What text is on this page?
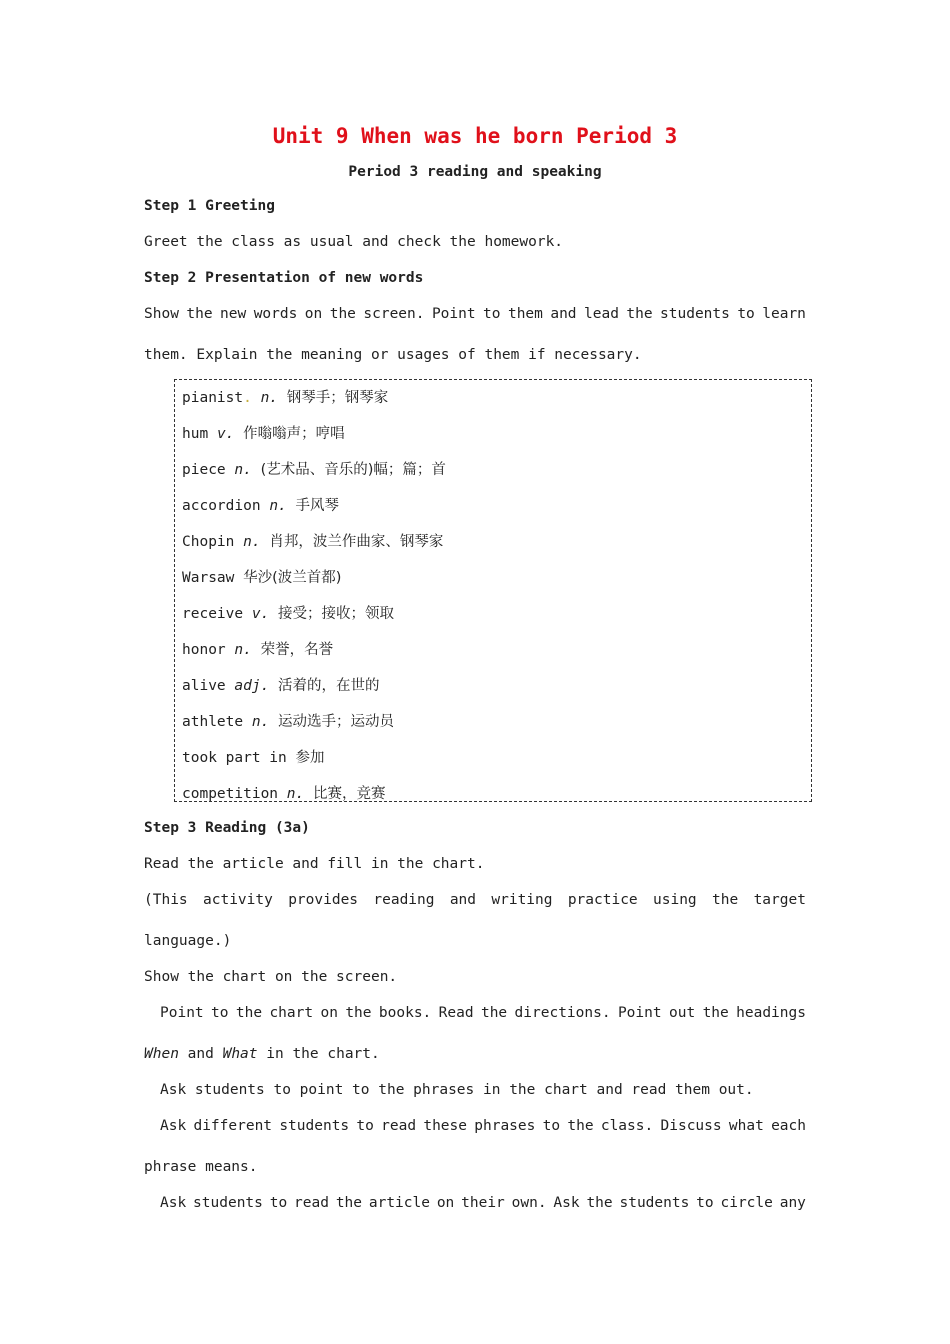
Unit 9 When was he born Period 3
Period 3 reading and speaking
Step 1 Greeting
Greet the class as usual and check the homework.
Step 2 Presentation of new words
Show the new words on the screen. Point to them and lead the students to learn
them. Explain the meaning or usages of them if necessary.
pianist. n. 钢琴手；钢琴家
hum v. 作嗡嗡声；哼唱
piece n. (艺术品、音乐的)幅；篇；首
accordion n. 手风琴
Chopin n. 肖邦，波兰作曲家、钢琴家
Warsaw 华沙(波兰首都)
receive v. 接受；接收；领取
honor n. 荣誉，名誉
alive adj. 活着的，在世的
athlete n. 运动选手；运动员
took part in 参加
competition n. 比赛，竞赛
Step 3 Reading (3a)
Read the article and fill in the chart.
(This activity provides reading and writing practice using the target
language.)
Show the chart on the screen.
Point to the chart on the books. Read the directions. Point out the headings
When and What in the chart.
Ask students to point to the phrases in the chart and read them out.
Ask different students to read these phrases to the class. Discuss what each
phrase means.
Ask students to read the article on their own. Ask the students to circle any
